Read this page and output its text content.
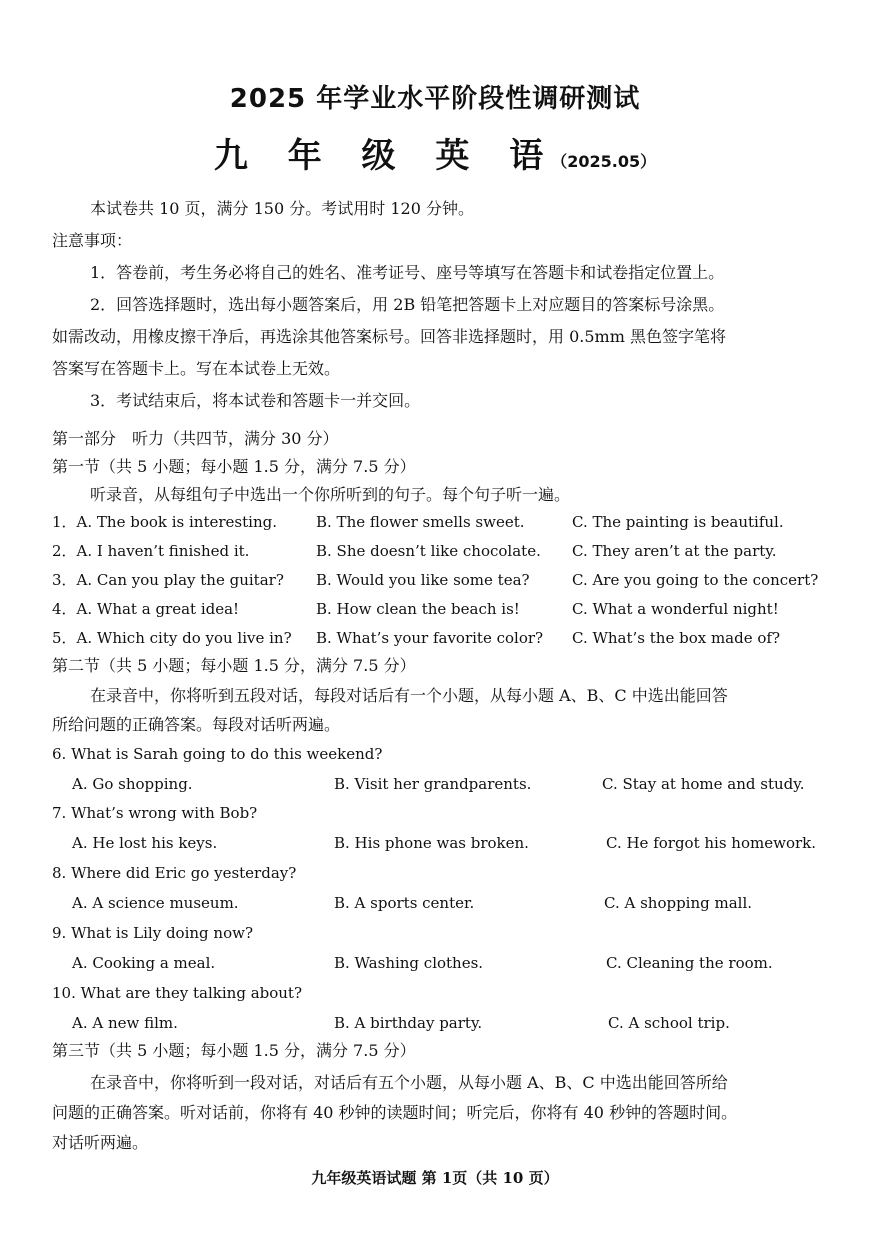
2025 年学业水平阶段性调研测试
九 年 级 英 语（2025.05）
本试卷共 10 页，满分 150 分。考试用时 120 分钟。
注意事项：
1．答卷前，考生务必将自己的姓名、准考证号、座号等填写在答题卡和试卷指定位置上。
2．回答选择题时，选出每小题答案后，用 2B 铅笔把答题卡上对应题目的答案标号涂黑。
如需改动，用橡皮擦干净后，再选涂其他答案标号。回答非选择题时，用 0.5mm 黑色签字笔将
答案写在答题卡上。写在本试卷上无效。
3．考试结束后，将本试卷和答题卡一并交回。
第一部分　听力（共四节，满分 30 分）
第一节（共 5 小题；每小题 1.5 分，满分 7.5 分）
听录音，从每组句子中选出一个你所听到的句子。每个句子听一遍。
1．A. The book is interesting.	B. The flower smells sweet.	C. The painting is beautiful.
2．A. I haven’t finished it.	B. She doesn’t like chocolate. C. They aren’t at the party.
3．A. Can you play the guitar? B. Would you like some tea?	C. Are you going to the concert?
4．A. What a great idea!	B. How clean the beach is!	C. What a wonderful night!
5．A. Which city do you live in? B. What’s your favorite color? C. What’s the box made of?
第二节（共 5 小题；每小题 1.5 分，满分 7.5 分）
在录音中，你将听到五段对话，每段对话后有一个小题，从每小题 A、B、C 中选出能回答
所给问题的正确答案。每段对话听两遍。
6. What is Sarah going to do this weekend?
A. Go shopping.	B. Visit her grandparents.	C. Stay at home and study.
7. What’s wrong with Bob?
A. He lost his keys.	B. His phone was broken.	C. He forgot his homework.
8. Where did Eric go yesterday?
A. A science museum.	B. A sports center.	C. A shopping mall.
9. What is Lily doing now?
A. Cooking a meal.	B. Washing clothes.	C. Cleaning the room.
10. What are they talking about?
A. A new film.	B. A birthday party.	C. A school trip.
第三节（共 5 小题；每小题 1.5 分，满分 7.5 分）
在录音中，你将听到一段对话，对话后有五个小题，从每小题 A、B、C 中选出能回答所给
问题的正确答案。听对话前，你将有 40 秒钟的读题时间；听完后，你将有 40 秒钟的答题时间。
对话听两遍。
九年级英语试题 第 1页（共 10 页）
